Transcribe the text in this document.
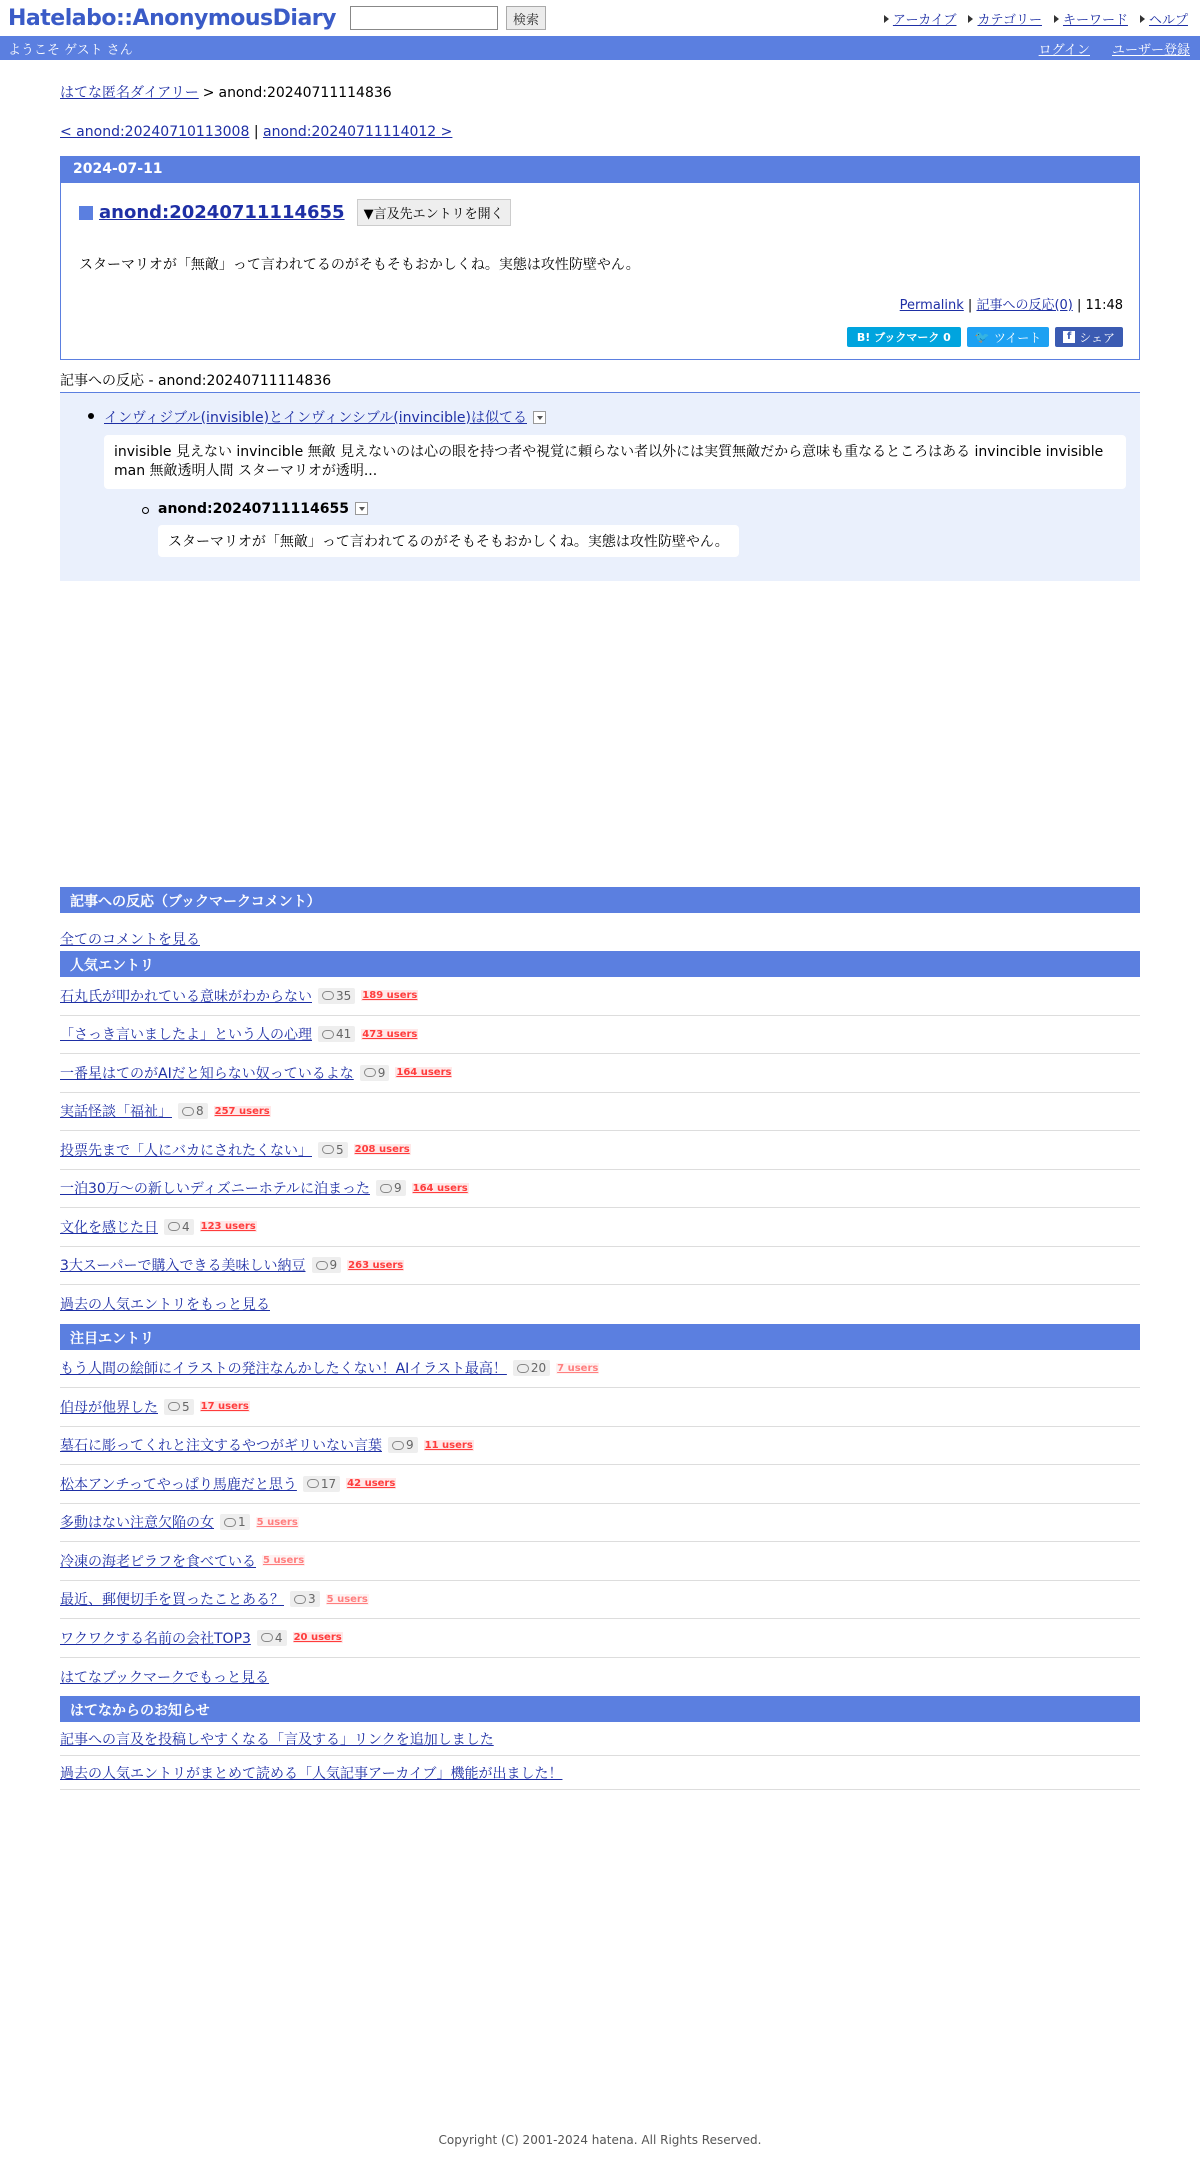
Hatelabo::AnonymousDiary	検索	アーカイブ カテゴリー キーワード ヘルプ
ようこそ ゲスト さん	ログイン ユーザー登録
はてな匿名ダイアリー > anond:20240711114836
< anond:20240710113008 | anond:20240711114012 >
2024-07-11
anond:20240711114655	▼言及先エントリを開く
スターマリオが「無敵」って言われてるのがそもそもおかしくね。実態は攻性防壁やん。
Permalink | 記事への反応(0) | 11:48
B! ブックマーク 0	🐦 ツイート	f シェア
記事への反応 - anond:20240711114836
インヴィジブル(invisible)とインヴィンシブル(invincible)は似てる
invisible 見えない invincible 無敵 見えないのは心の眼を持つ者や視覚に頼らない者以外には実質無敵だから意味も重なるところはある invincible invisible man 無敵透明人間 スターマリオが透明...
anond:20240711114655
スターマリオが「無敵」って言われてるのがそもそもおかしくね。実態は攻性防壁やん。
記事への反応（ブックマークコメント）
全てのコメントを見る
人気エントリ
石丸氏が叩かれている意味がわからない 35 189 users
「さっき言いましたよ」という人の心理 41 473 users
一番星はてのがAIだと知らない奴っているよな 9 164 users
実話怪談「福祉」 8 257 users
投票先まで「人にバカにされたくない」 5 208 users
一泊30万〜の新しいディズニーホテルに泊まった 9 164 users
文化を感じた日 4 123 users
3大スーパーで購入できる美味しい納豆 9 263 users
過去の人気エントリをもっと見る
注目エントリ
もう人間の絵師にイラストの発注なんかしたくない！AIイラスト最高！ 20 7 users
伯母が他界した 5 17 users
墓石に彫ってくれと注文するやつがギリいない言葉 9 11 users
松本アンチってやっぱり馬鹿だと思う 17 42 users
多動はない注意欠陥の女 1 5 users
冷凍の海老ピラフを食べている 5 users
最近、郵便切手を買ったことある？ 3 5 users
ワクワクする名前の会社TOP3 4 20 users
はてなブックマークでもっと見る
はてなからのお知らせ
記事への言及を投稿しやすくなる「言及する」リンクを追加しました
過去の人気エントリがまとめて読める「人気記事アーカイブ」機能が出ました！
Copyright (C) 2001-2024 hatena. All Rights Reserved.
